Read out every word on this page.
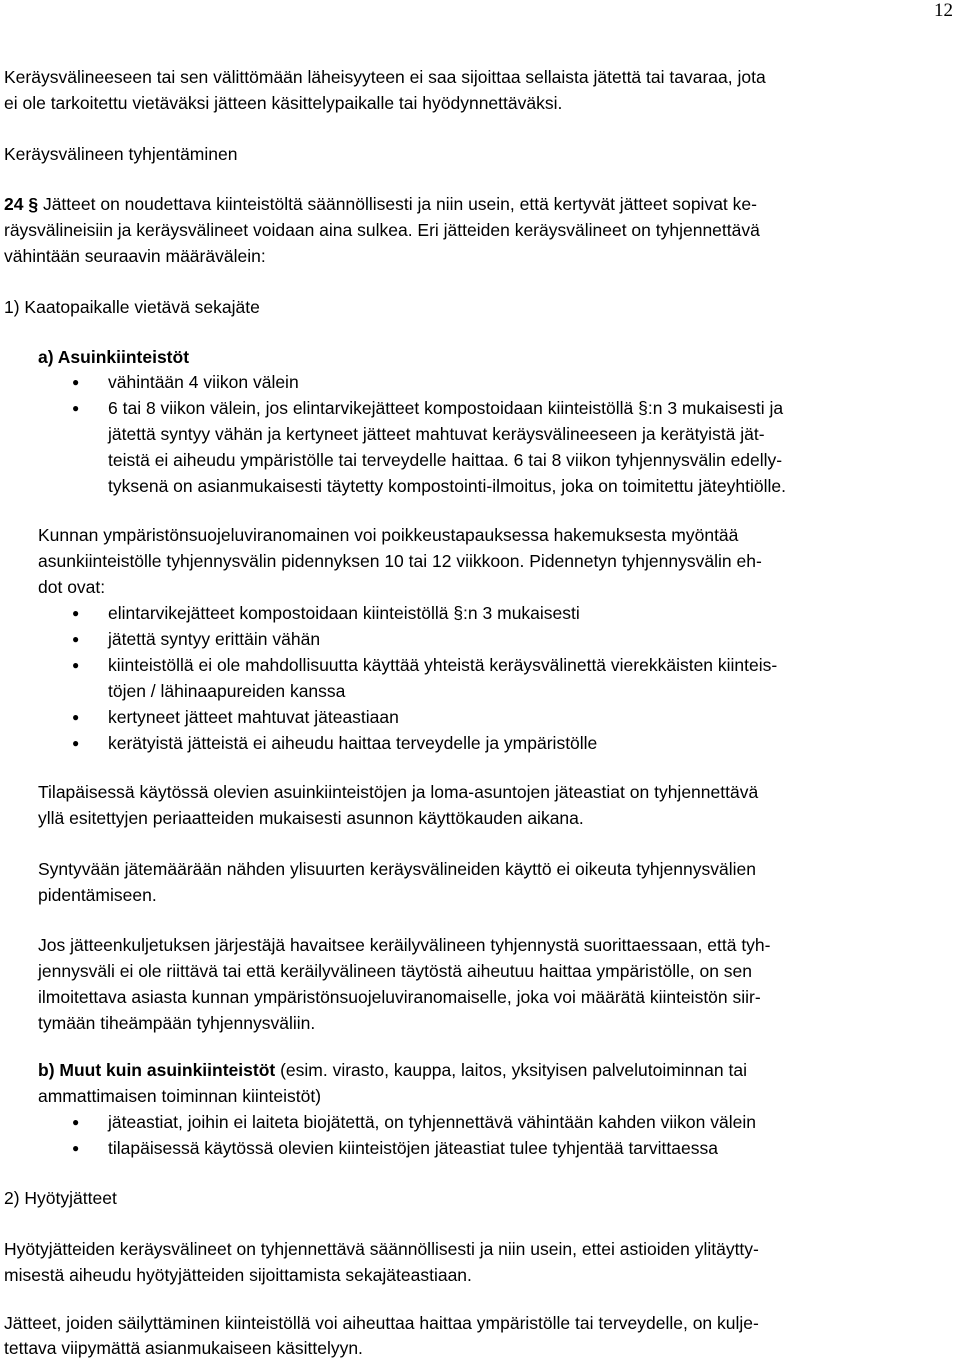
12
Keräysvälineeseen tai sen välittömään läheisyyteen ei saa sijoittaa sellaista jätettä tai tavaraa, jota
ei ole tarkoitettu vietäväksi jätteen käsittelypaikalle tai hyödynnettäväksi.
Keräysvälineen tyhjentäminen
24 § Jätteet on noudettava kiinteistöltä säännöllisesti ja niin usein, että kertyvät jätteet sopivat ke-
räysvälineisiin ja keräysvälineet voidaan aina sulkea. Eri jätteiden keräysvälineet on tyhjennettävä
vähintään seuraavin määrävälein:
1) Kaatopaikalle vietävä sekajäte
a) Asuinkiinteistöt
● vähintään 4 viikon välein
● 6 tai 8 viikon välein, jos elintarvikejätteet kompostoidaan kiinteistöllä §:n 3 mukaisesti ja
jätettä syntyy vähän ja kertyneet jätteet mahtuvat keräysvälineeseen ja kerätyistä jät-
teistä ei aiheudu ympäristölle tai terveydelle haittaa. 6 tai 8 viikon tyhjennysvälin edelly-
tyksenä on asianmukaisesti täytetty kompostointi-ilmoitus, joka on toimitettu jäteyhtiölle.
Kunnan ympäristönsuojeluviranomainen voi poikkeustapauksessa hakemuksesta myöntää
asunkiinteistölle tyhjennysvälin pidennyksen 10 tai 12 viikkoon. Pidennetyn tyhjennysvälin eh-
dot ovat:
● elintarvikejätteet kompostoidaan kiinteistöllä §:n 3 mukaisesti
● jätettä syntyy erittäin vähän
● kiinteistöllä ei ole mahdollisuutta käyttää yhteistä keräysvälinettä vierekkäisten kiinteis-
töjen / lähinaapureiden kanssa
● kertyneet jätteet mahtuvat jäteastiaan
● kerätyistä jätteistä ei aiheudu haittaa terveydelle ja ympäristölle
Tilapäisessä käytössä olevien asuinkiinteistöjen ja loma-asuntojen jäteastiat on tyhjennettävä
yllä esitettyjen periaatteiden mukaisesti asunnon käyttökauden aikana.
Syntyvään jätemäärään nähden ylisuurten keräysvälineiden käyttö ei oikeuta tyhjennysvälien
pidentämiseen.
Jos jätteenkuljetuksen järjestäjä havaitsee keräilyvälineen tyhjennystä suorittaessaan, että tyh-
jennysväli ei ole riittävä tai että keräilyvälineen täytöstä aiheutuu haittaa ympäristölle, on sen
ilmoitettava asiasta kunnan ympäristönsuojeluviranomaiselle, joka voi määrätä kiinteistön siir-
tymään tiheämpään tyhjennysväliin.
b) Muut kuin asuinkiinteistöt (esim. virasto, kauppa, laitos, yksityisen palvelutoiminnan tai
ammattimaisen toiminnan kiinteistöt)
● jäteastiat, joihin ei laiteta biojätettä, on tyhjennettävä vähintään kahden viikon välein
● tilapäisessä käytössä olevien kiinteistöjen jäteastiat tulee tyhjentää tarvittaessa
2) Hyötyjätteet
Hyötyjätteiden keräysvälineet on tyhjennettävä säännöllisesti ja niin usein, ettei astioiden ylitäytty-
misestä aiheudu hyötyjätteiden sijoittamista sekajäteastiaan.
Jätteet, joiden säilyttäminen kiinteistöllä voi aiheuttaa haittaa ympäristölle tai terveydelle, on kulje-
tettava viipymättä asianmukaiseen käsittelyyn.
